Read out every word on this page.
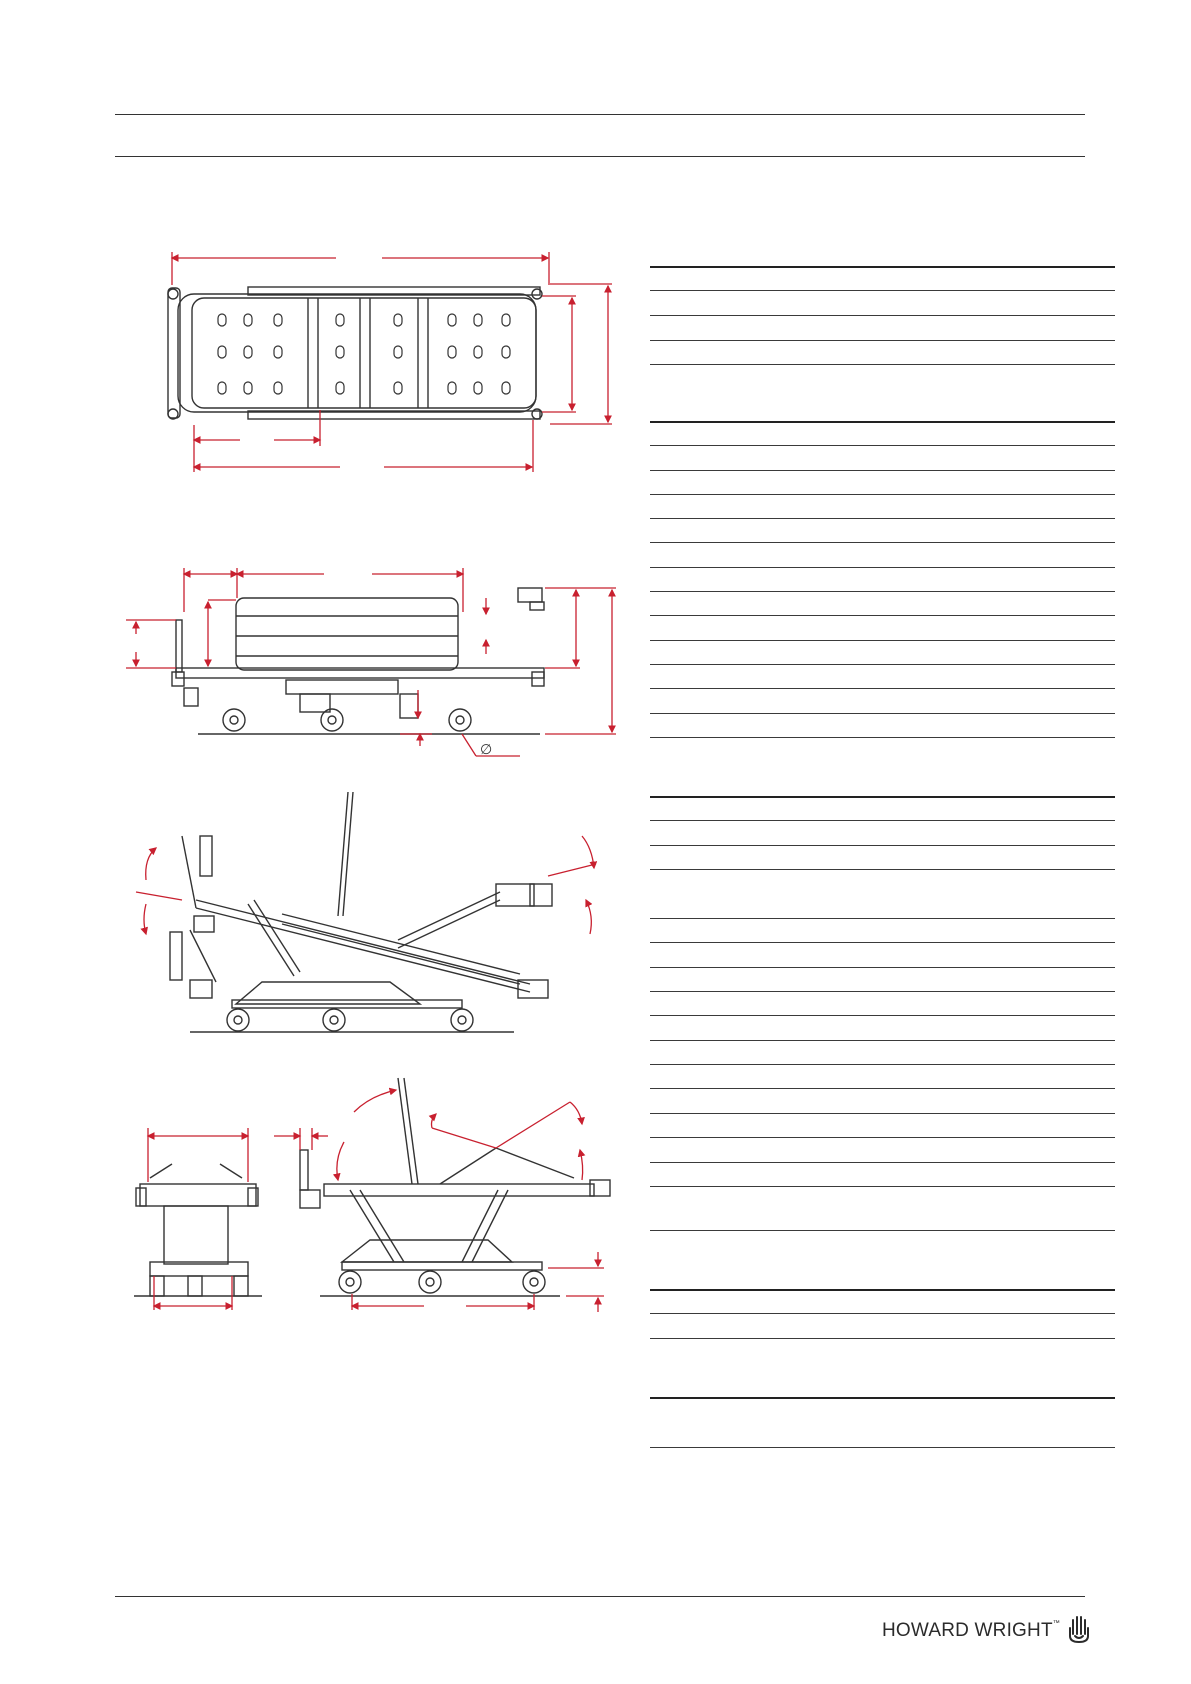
∅
HOWARD WRIGHT™
